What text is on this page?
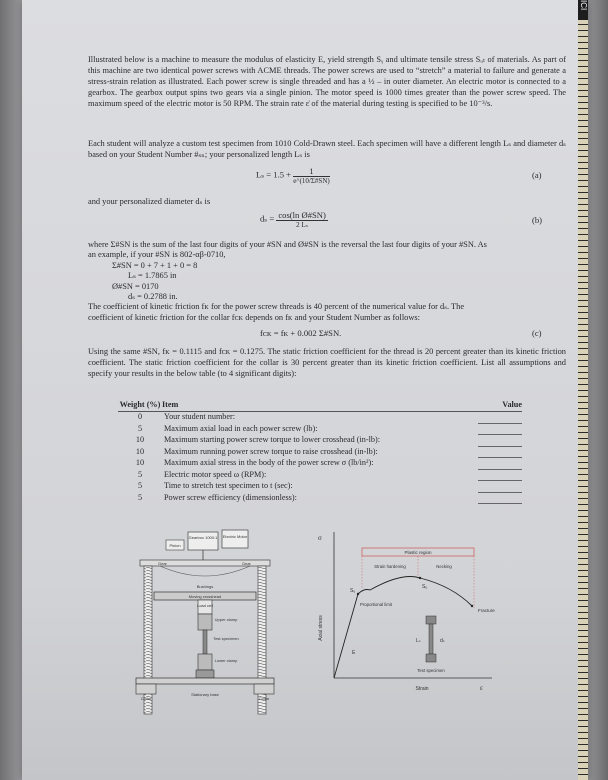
Illustrated below is a machine to measure the modulus of elasticity E, yield strength Sᵧ and ultimate tensile stress Sᵤₜ of materials. As part of this machine are two identical power screws with ACME threads. The power screws are used to “stretch” a material to failure and generate a stress-strain relation as illustrated. Each power screw is single threaded and has a ½ – in outer diameter. An electric motor is connected to a gearbox. The gearbox output spins two gears via a single pinion. The motor speed is 1000 times greater than the power screw speed. The maximum speed of the electric motor is 50 RPM. The strain rate ε̇ of the material during testing is specified to be 10⁻³/s.
Each student will analyze a custom test specimen from 1010 Cold-Drawn steel. Each specimen will have a different length Lₛ and diameter dₛ based on your Student Number #ₛₙ; your personalized length Lₛ is
$L_s = 1.5 + \frac{1}{e\^{}(10/\Sigma\#SN)}$	(a)
and your personalized diameter dₛ is
$d_s = \frac{\text{cos(ln Ø\#SN)}}{\text{2 Lₛ}}$	(b)
where Σ#SN is the sum of the last four digits of your #SN and Ø#SN is the reversal the last four digits of your #SN. As
an example, if your #SN is 802-αβ-0710,
Σ#SN = 0 + 7 + 1 + 0 = 8
Lₛ = 1.7865 in
Ø#SN = 0170
dₛ = 0.2788 in.
The coefficient of kinetic friction fᴋ for the power screw threads is 40 percent of the numerical value for dₛ. The
coefficient of kinetic friction for the collar fᴄᴋ depends on fᴋ and your Student Number as follows:
fᴄᴋ = fᴋ + 0.002 Σ#SN.	(c)
Using the same #SN, fᴋ = 0.1115 and fᴄᴋ = 0.1275. The static friction coefficient for the thread is 20 percent greater than its kinetic friction coefficient. The static friction coefficient for the collar is 30 percent greater than its kinetic friction coefficient. List all assumptions and specify your results in the below table (to 4 significant digits):
Weight (%)	Item	Value
0	Your student number:	
5	Maximum axial load in each power screw (lb):	
10	Maximum starting power screw torque to lower crosshead (in-lb):	
10	Maximum running power screw torque to raise crosshead (in-lb):	
10	Maximum axial stress in the body of the power screw σ (lb/in²):	
5	Electric motor speed ω (RPM):	
5	Time to stretch test specimen to t (sec):	
5	Power screw efficiency (dimensionless):	
Gearbox 1000:1 Electric Motor
Pinion
Gear	Gear
Bushings
Moving crosshead
Load cell
Upper clamp
Test specimen
Lower clamp
Collar	Collar
Stationary base
σ
Axial stress
Strain	ε
Plastic region
Strain hardening	Necking
Sᵧ
Sᵤ
Fracture
Proportional limit
E
Lₛ	dₛ
Test specimen
ICI
